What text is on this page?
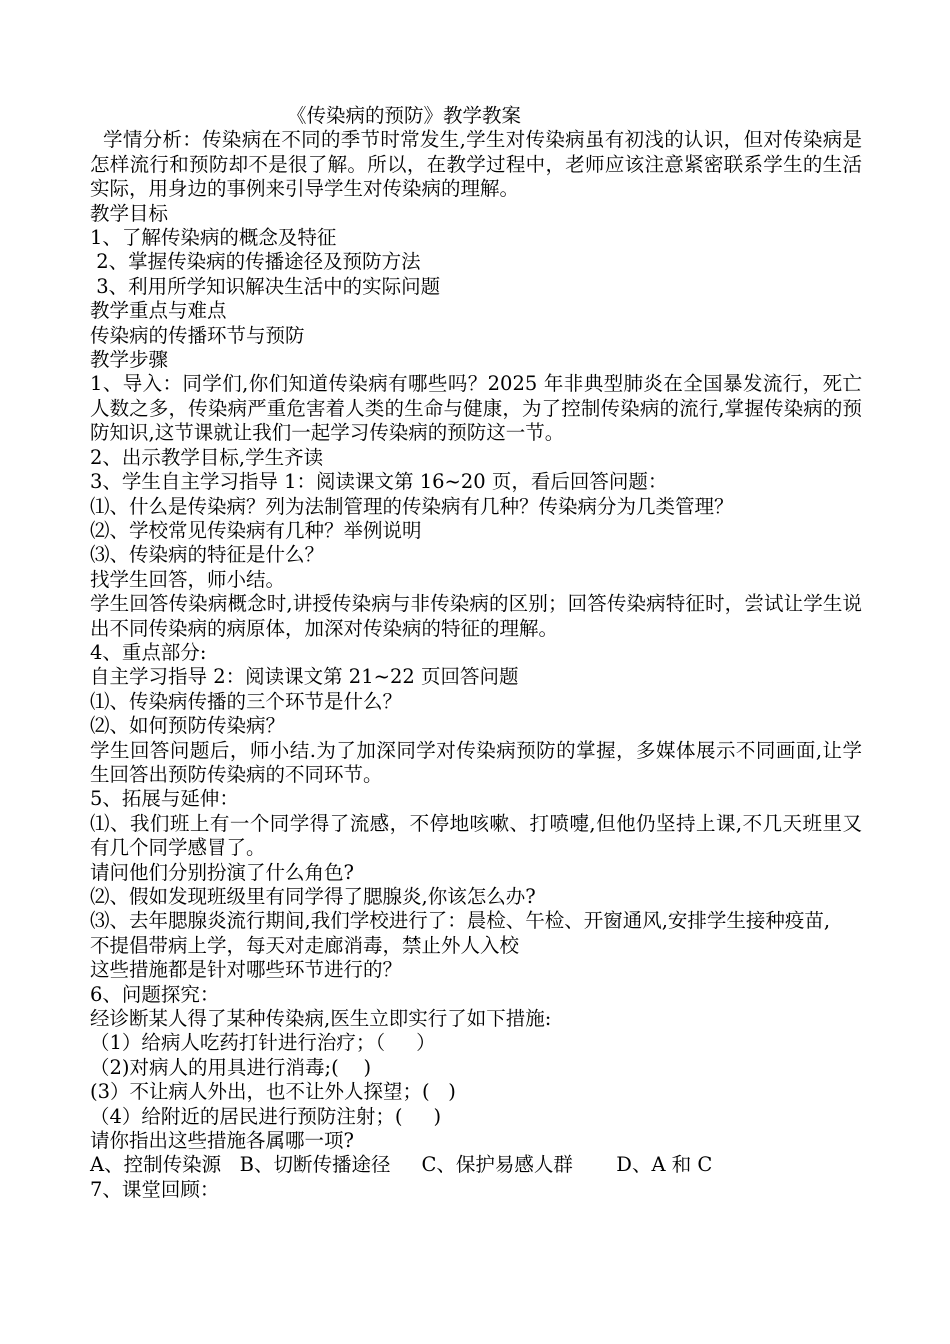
《传染病的预防》教学教案
学情分析：传染病在不同的季节时常发生,学生对传染病虽有初浅的认识，但对传染病是怎样流行和预防却不是很了解。所以，在教学过程中，老师应该注意紧密联系学生的生活实际，用身边的事例来引导学生对传染病的理解。
教学目标
1、了解传染病的概念及特征
2、掌握传染病的传播途径及预防方法
3、利用所学知识解决生活中的实际问题
教学重点与难点
传染病的传播环节与预防
教学步骤
1、导入：同学们,你们知道传染病有哪些吗？2025 年非典型肺炎在全国暴发流行，死亡人数之多，传染病严重危害着人类的生命与健康，为了控制传染病的流行,掌握传染病的预防知识,这节课就让我们一起学习传染病的预防这一节。
2、出示教学目标,学生齐读
3、学生自主学习指导 1：阅读课文第 16~20 页，看后回答问题：
⑴、什么是传染病？列为法制管理的传染病有几种？传染病分为几类管理？
⑵、学校常见传染病有几种？举例说明
⑶、传染病的特征是什么？
找学生回答，师小结。
学生回答传染病概念时,讲授传染病与非传染病的区别；回答传染病特征时，尝试让学生说出不同传染病的病原体，加深对传染病的特征的理解。
4、重点部分:
自主学习指导 2：阅读课文第 21~22 页回答问题
⑴、传染病传播的三个环节是什么？
⑵、如何预防传染病？
学生回答问题后，师小结.为了加深同学对传染病预防的掌握，多媒体展示不同画面,让学生回答出预防传染病的不同环节。
5、拓展与延伸：
⑴、我们班上有一个同学得了流感，不停地咳嗽、打喷嚏,但他仍坚持上课,不几天班里又有几个同学感冒了。
请问他们分别扮演了什么角色?
⑵、假如发现班级里有同学得了腮腺炎,你该怎么办?
⑶、去年腮腺炎流行期间,我们学校进行了：晨检、午检、开窗通风,安排学生接种疫苗,
不提倡带病上学，每天对走廊消毒，禁止外人入校
这些措施都是针对哪些环节进行的？
6、问题探究：
经诊断某人得了某种传染病,医生立即实行了如下措施:
（1）给病人吃药打针进行治疗；（     ）
（2)对病人的用具进行消毒;(    )
(3）不让病人外出，也不让外人探望；(   )
（4）给附近的居民进行预防注射；(     )
请你指出这些措施各属哪一项?
A、控制传染源   B、切断传播途径     C、保护易感人群       D、A 和 C
7、课堂回顾：
